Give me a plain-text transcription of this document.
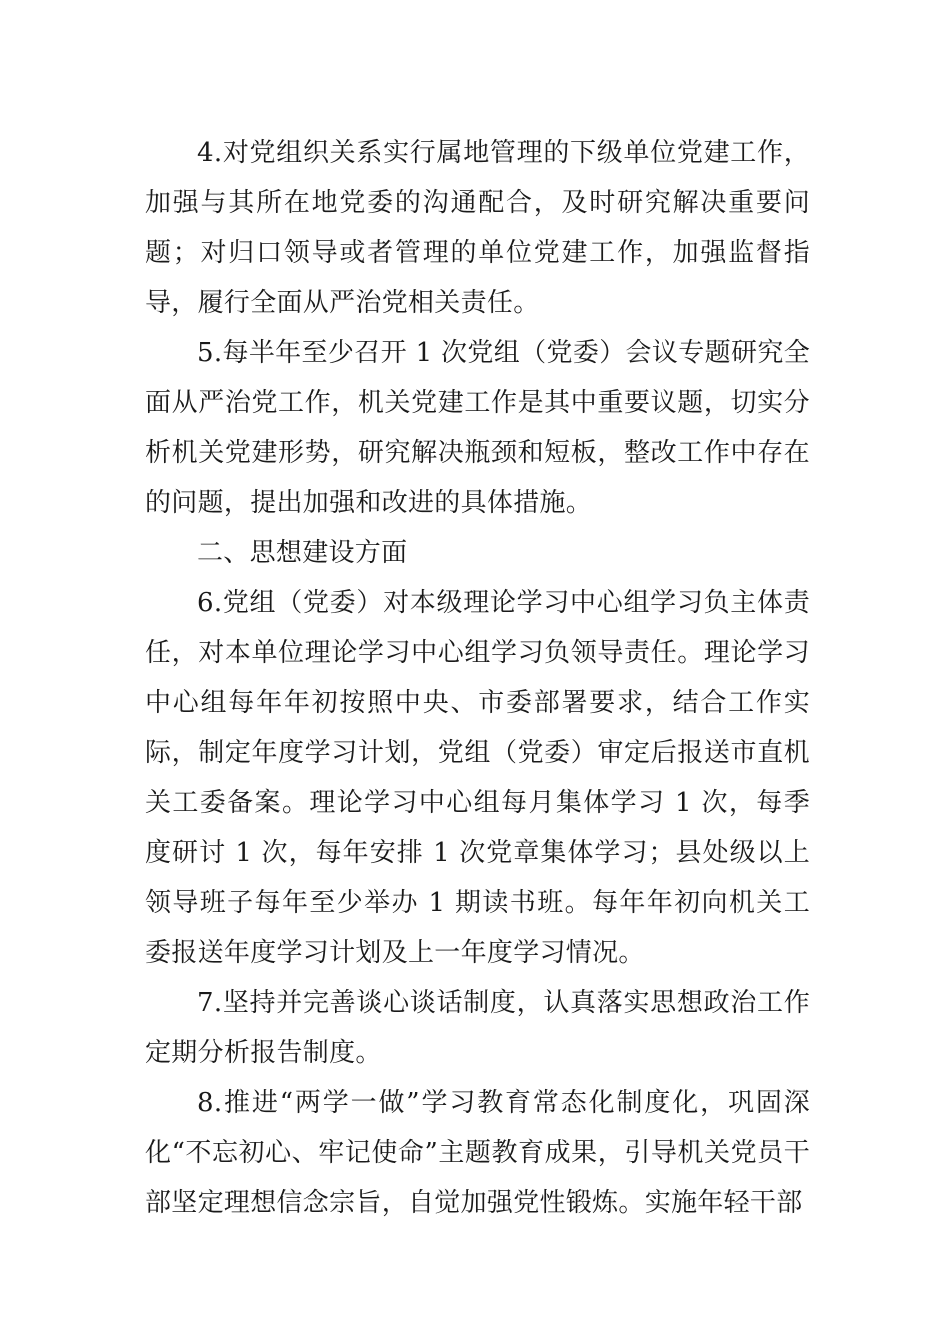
4.对党组织关系实行属地管理的下级单位党建工作，加强与其所在地党委的沟通配合，及时研究解决重要问题；对归口领导或者管理的单位党建工作，加强监督指导，履行全面从严治党相关责任。

5.每半年至少召开 1 次党组（党委）会议专题研究全面从严治党工作，机关党建工作是其中重要议题，切实分析机关党建形势，研究解决瓶颈和短板，整改工作中存在的问题，提出加强和改进的具体措施。

二、思想建设方面

6.党组（党委）对本级理论学习中心组学习负主体责任，对本单位理论学习中心组学习负领导责任。理论学习中心组每年年初按照中央、市委部署要求，结合工作实际，制定年度学习计划，党组（党委）审定后报送市直机关工委备案。理论学习中心组每月集体学习 1 次，每季度研讨 1 次，每年安排 1 次党章集体学习；县处级以上领导班子每年至少举办 1 期读书班。每年年初向机关工委报送年度学习计划及上一年度学习情况。

7.坚持并完善谈心谈话制度，认真落实思想政治工作定期分析报告制度。

8.推进“两学一做”学习教育常态化制度化，巩固深化“不忘初心、牢记使命”主题教育成果，引导机关党员干部坚定理想信念宗旨，自觉加强党性锻炼。实施年轻干部
